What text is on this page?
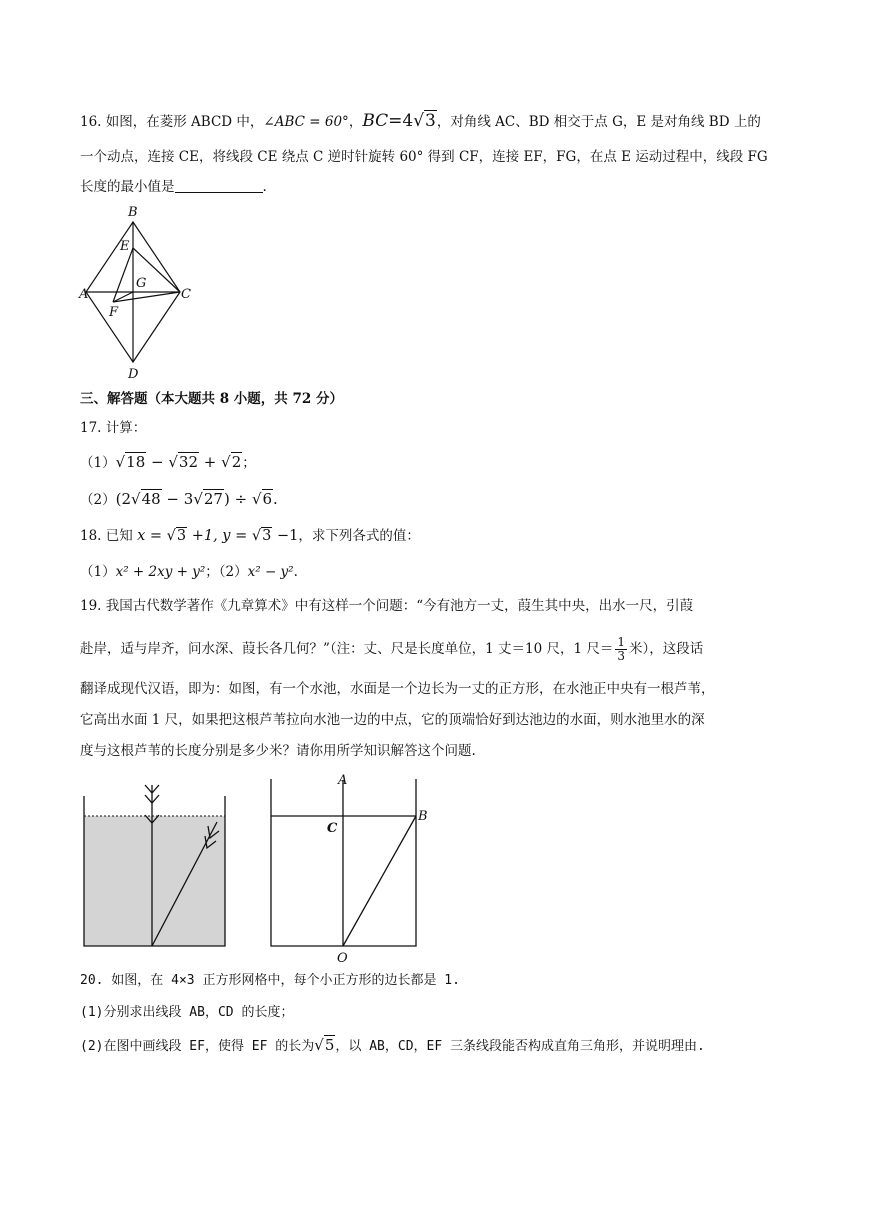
16. 如图，在菱形 ABCD 中，∠ABC = 60°，BC=4√3，对角线 AC、BD 相交于点 G，E 是对角线 BD 上的
一个动点，连接 CE，将线段 CE 绕点 C 逆时针旋转 60° 得到 CF，连接 EF，FG，在点 E 运动过程中，线段 FG
长度的最小值是	.
B
E
A
G
C
F
D
三、解答题（本大题共 8 小题，共 72 分）
17. 计算：
（1）√18 − √32 + √2；
（2）(2√48 − 3√27) ÷ √6.
18. 已知 x = √3 +1, y = √3 −1，求下列各式的值：
（1）x² + 2xy + y²；（2）x² − y².
19. 我国古代数学著作《九章算术》中有这样一个问题：“今有池方一丈，葭生其中央，出水一尺，引葭
赴岸，适与岸齐，问水深、葭长各几何？”（注：丈、尺是长度单位，1 丈＝10 尺，1 尺＝ $\frac{1}{3}$ 米），这段话
翻译成现代汉语，即为：如图，有一个水池，水面是一个边长为一丈的正方形，在水池正中央有一根芦苇，
它高出水面 1 尺，如果把这根芦苇拉向水池一边的中点，它的顶端恰好到达池边的水面，则水池里水的深
度与这根芦苇的长度分别是多少米？请你用所学知识解答这个问题.
A
C
B
O
20. 如图，在 4×3 正方形网格中，每个小正方形的边长都是 1.
(1)分别求出线段 AB，CD 的长度；
(2)在图中画线段 EF，使得 EF 的长为√5，以 AB，CD，EF 三条线段能否构成直角三角形，并说明理由.
